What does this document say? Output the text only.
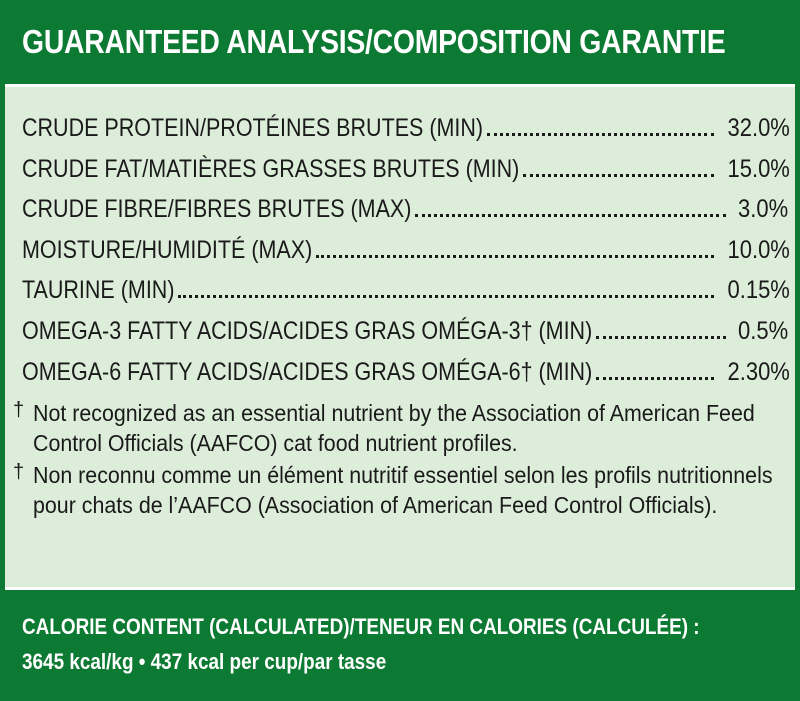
GUARANTEED ANALYSIS/COMPOSITION GARANTIE
CRUDE PROTEIN/PROTÉINES BRUTES (MIN)	32.0%
CRUDE FAT/MATIÈRES GRASSES BRUTES (MIN)	15.0%
CRUDE FIBRE/FIBRES BRUTES (MAX)	3.0%
MOISTURE/HUMIDITÉ (MAX)	10.0%
TAURINE (MIN)	0.15%
OMEGA-3 FATTY ACIDS/ACIDES GRAS OMÉGA-3† (MIN)	0.5%
OMEGA-6 FATTY ACIDS/ACIDES GRAS OMÉGA-6† (MIN)	2.30%
† Not recognized as an essential nutrient by the Association of American Feed Control Officials (AAFCO) cat food nutrient profiles.
† Non reconnu comme un élément nutritif essentiel selon les profils nutritionnels pour chats de l’AAFCO (Association of American Feed Control Officials).
CALORIE CONTENT (CALCULATED)/TENEUR EN CALORIES (CALCULÉE) :
3645 kcal/kg • 437 kcal per cup/par tasse
